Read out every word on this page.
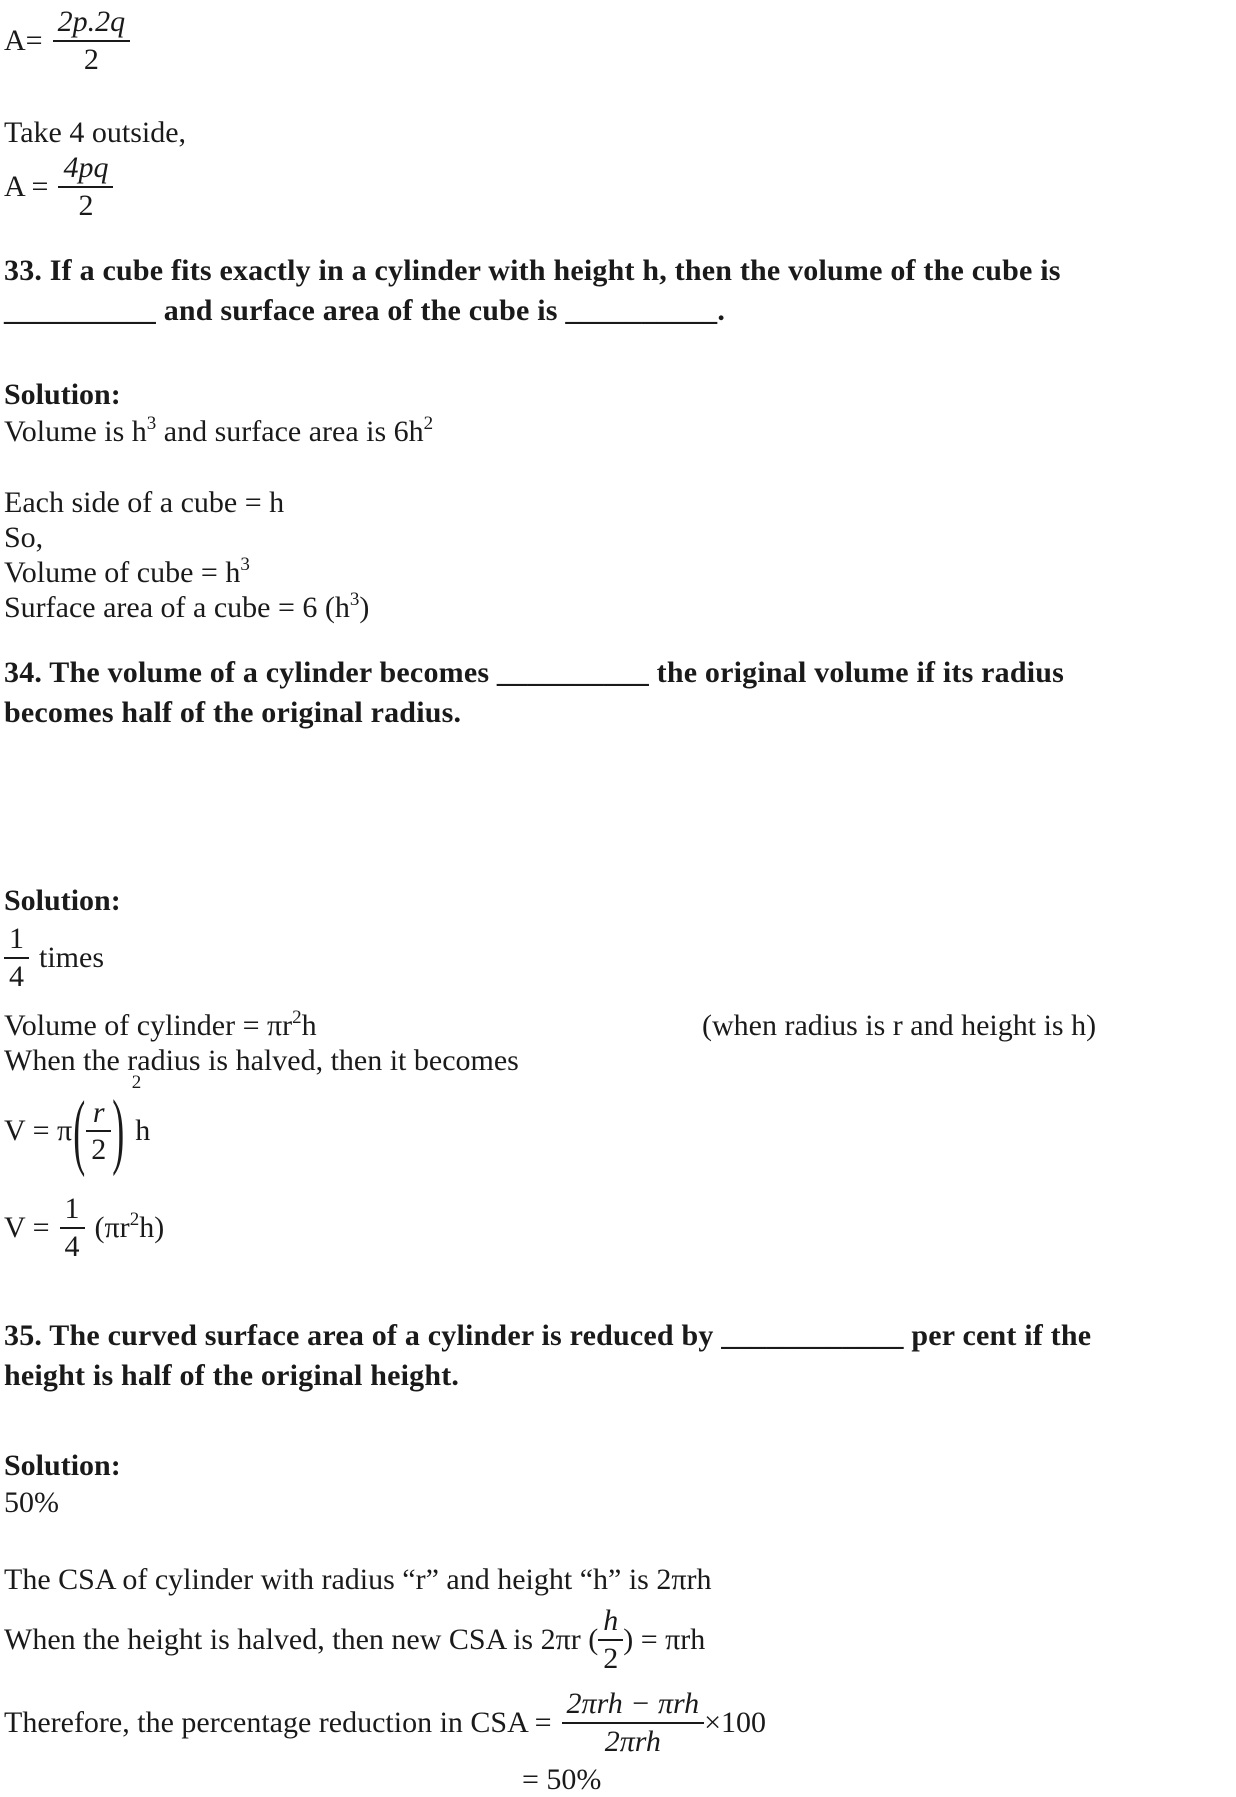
$A= \frac{2p.2q}{2}$

Take 4 outside,

$A = \frac{4pq}{2}$

33. If a cube fits exactly in a cylinder with height h, then the volume of the cube is __________ and surface area of the cube is __________.

Solution:

Volume is $h^3$ and surface area is $6h^2$

Each side of a cube = h

So,

Volume of cube = $h^3$

Surface area of a cube = 6 $(h^3)$

34. The volume of a cylinder becomes __________ the original volume if its radius becomes half of the original radius.

Solution:

$\frac{1}{4}$ times

Volume of cylinder = $\pi r^2h$	(when radius is r and height is h)

When the radius is halved, then it becomes

V = π ( $\frac{r}{2}$ )
2
h
$V = \frac{1}{4} (\pi r^2h)$

35. The curved surface area of a cylinder is reduced by ____________ per cent if the height is half of the original height.

Solution:

50%

The CSA of cylinder with radius “r” and height “h” is 2πrh

When the height is halved, then new CSA is 2πr ( $\frac{h}{2}$ ) = πrh
Therefore, the percentage reduction in CSA = $\frac{\text{2πrh − πrh}}{\text{2πrh}} \times 100$

= 50%
